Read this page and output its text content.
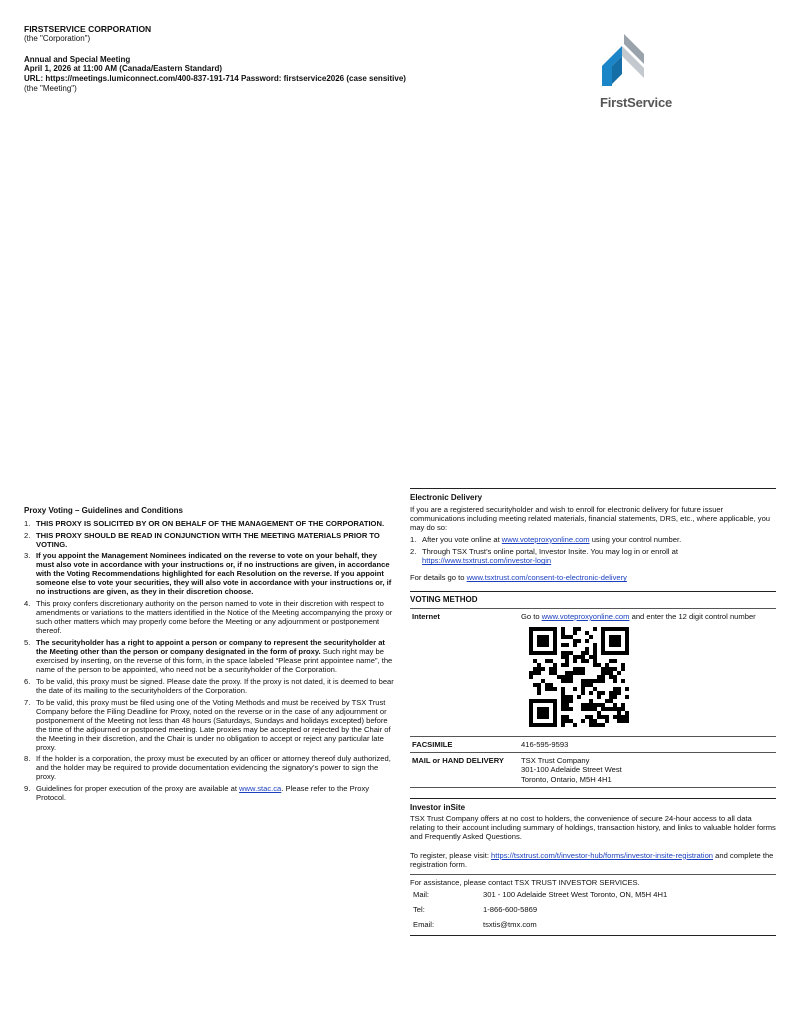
FIRSTSERVICE CORPORATION
(the "Corporation")
Annual and Special Meeting
April 1, 2026 at 11:00 AM (Canada/Eastern Standard)
URL: https://meetings.lumiconnect.com/400-837-191-714 Password: firstservice2026 (case sensitive)
(the "Meeting")
FirstService
Proxy Voting – Guidelines and Conditions
1. THIS PROXY IS SOLICITED BY OR ON BEHALF OF THE MANAGEMENT OF THE CORPORATION.
2. THIS PROXY SHOULD BE READ IN CONJUNCTION WITH THE MEETING MATERIALS PRIOR TO VOTING.
3. If you appoint the Management Nominees indicated on the reverse to vote on your behalf, they must also vote in accordance with your instructions or, if no instructions are given, in accordance with the Voting Recommendations highlighted for each Resolution on the reverse. If you appoint someone else to vote your securities, they will also vote in accordance with your instructions or, if no instructions are given, as they in their discretion choose.
4. This proxy confers discretionary authority on the person named to vote in their discretion with respect to amendments or variations to the matters identified in the Notice of the Meeting accompanying the proxy or such other matters which may properly come before the Meeting or any adjournment or postponement thereof.
5. The securityholder has a right to appoint a person or company to represent the securityholder at the Meeting other than the person or company designated in the form of proxy. Such right may be exercised by inserting, on the reverse of this form, in the space labeled “Please print appointee name”, the name of the person to be appointed, who need not be a securityholder of the Corporation.
6. To be valid, this proxy must be signed. Please date the proxy. If the proxy is not dated, it is deemed to bear the date of its mailing to the securityholders of the Corporation.
7. To be valid, this proxy must be filed using one of the Voting Methods and must be received by TSX Trust Company before the Filing Deadline for Proxy, noted on the reverse or in the case of any adjournment or postponement of the Meeting not less than 48 hours (Saturdays, Sundays and holidays excepted) before the time of the adjourned or postponed meeting. Late proxies may be accepted or rejected by the Chair of the Meeting in their discretion, and the Chair is under no obligation to accept or reject any particular late proxy.
8. If the holder is a corporation, the proxy must be executed by an officer or attorney thereof duly authorized, and the holder may be required to provide documentation evidencing the signatory’s power to sign the proxy.
9. Guidelines for proper execution of the proxy are available at www.stac.ca. Please refer to the Proxy Protocol.
Electronic Delivery
If you are a registered securityholder and wish to enroll for electronic delivery for future issuer communications including meeting related materials, financial statements, DRS, etc., where applicable, you may do so:
1. After you vote online at www.voteproxyonline.com using your control number.
2. Through TSX Trust’s online portal, Investor Insite. You may log in or enroll at https://www.tsxtrust.com/investor-login
For details go to www.tsxtrust.com/consent-to-electronic-delivery
VOTING METHOD
Internet	Go to www.voteproxyonline.com and enter the 12 digit control number
FACSIMILE	416-595-9593
MAIL or HAND DELIVERY	TSX Trust Company
301-100 Adelaide Street West
Toronto, Ontario, M5H 4H1
Investor inSite
TSX Trust Company offers at no cost to holders, the convenience of secure 24-hour access to all data relating to their account including summary of holdings, transaction history, and links to valuable holder forms and Frequently Asked Questions.
To register, please visit: https://tsxtrust.com/t/investor-hub/forms/investor-insite-registration and complete the registration form.
For assistance, please contact TSX TRUST INVESTOR SERVICES.
Mail:	301 - 100 Adelaide Street West Toronto, ON, M5H 4H1
Tel:	1-866-600-5869
Email:	tsxtis@tmx.com
